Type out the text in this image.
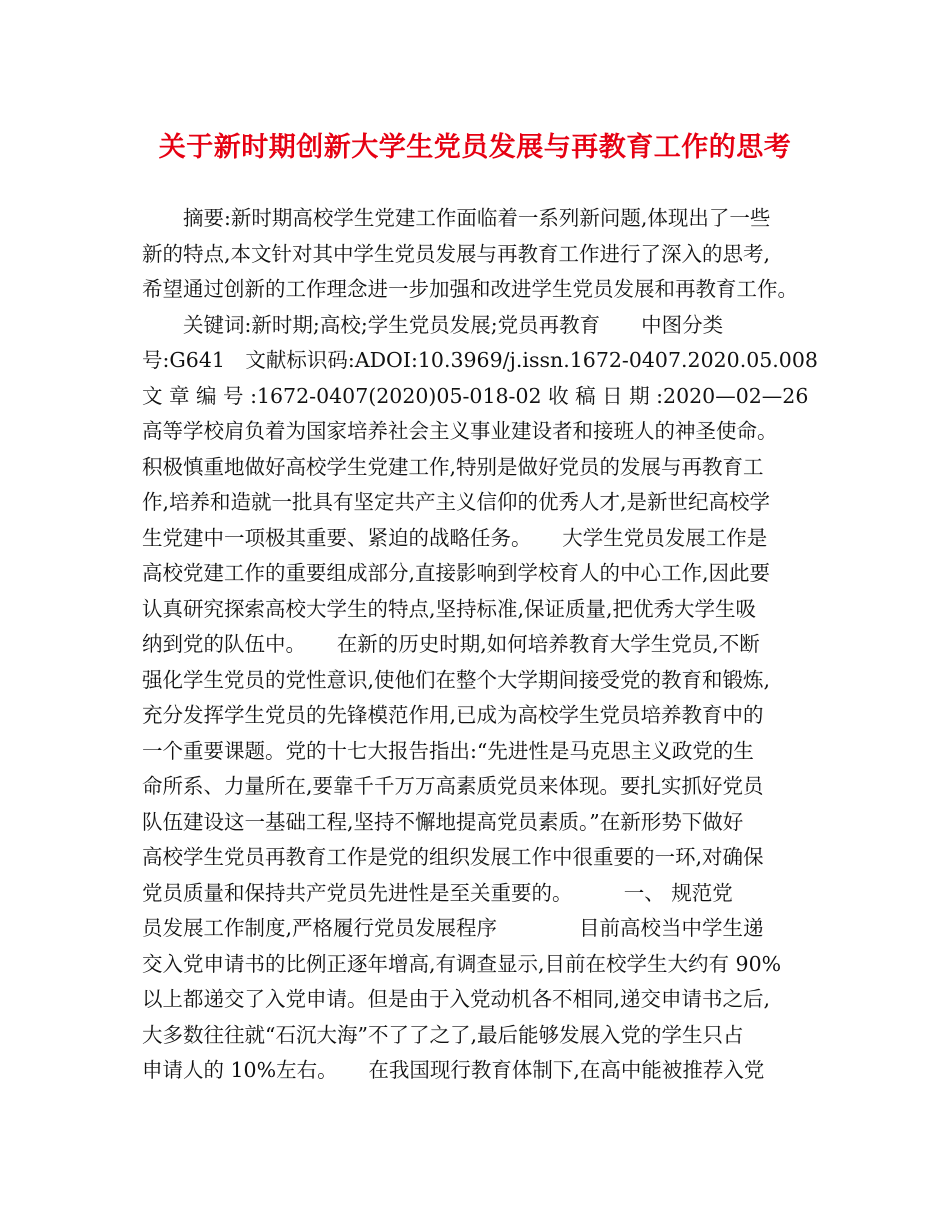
关于新时期创新大学生党员发展与再教育工作的思考
摘要:新时期高校学生党建工作面临着一系列新问题,体现出了一些
新的特点,本文针对其中学生党员发展与再教育工作进行了深入的思考,
希望通过创新的工作理念进一步加强和改进学生党员发展和再教育工作。
关键词:新时期;高校;学生党员发展;党员再教育　　中图分类
号:G641　文献标识码:ADOI:10.3969/j.issn.1672-0407.2020.05.008
文 章 编 号 :1672-0407(2020)05-018-02 收 稿 日 期 :2020—02—26
高等学校肩负着为国家培养社会主义事业建设者和接班人的神圣使命。
积极慎重地做好高校学生党建工作,特别是做好党员的发展与再教育工
作,培养和造就一批具有坚定共产主义信仰的优秀人才,是新世纪高校学
生党建中一项极其重要、紧迫的战略任务。　　大学生党员发展工作是
高校党建工作的重要组成部分,直接影响到学校育人的中心工作,因此要
认真研究探索高校大学生的特点,坚持标准,保证质量,把优秀大学生吸
纳到党的队伍中。　　在新的历史时期,如何培养教育大学生党员,不断
强化学生党员的党性意识,使他们在整个大学期间接受党的教育和锻炼,
充分发挥学生党员的先锋模范作用,已成为高校学生党员培养教育中的
一个重要课题。党的十七大报告指出:“先进性是马克思主义政党的生
命所系、力量所在,要靠千千万万高素质党员来体现。要扎实抓好党员
队伍建设这一基础工程,坚持不懈地提高党员素质。”在新形势下做好
高校学生党员再教育工作是党的组织发展工作中很重要的一环,对确保
党员质量和保持共产党员先进性是至关重要的。　　　一、 规范党
员发展工作制度,严格履行党员发展程序　　　　目前高校当中学生递
交入党申请书的比例正逐年增高,有调查显示,目前在校学生大约有 90%
以上都递交了入党申请。但是由于入党动机各不相同,递交申请书之后,
大多数往往就“石沉大海”不了了之了,最后能够发展入党的学生只占
申请人的 10%左右。　　在我国现行教育体制下,在高中能被推荐入党
